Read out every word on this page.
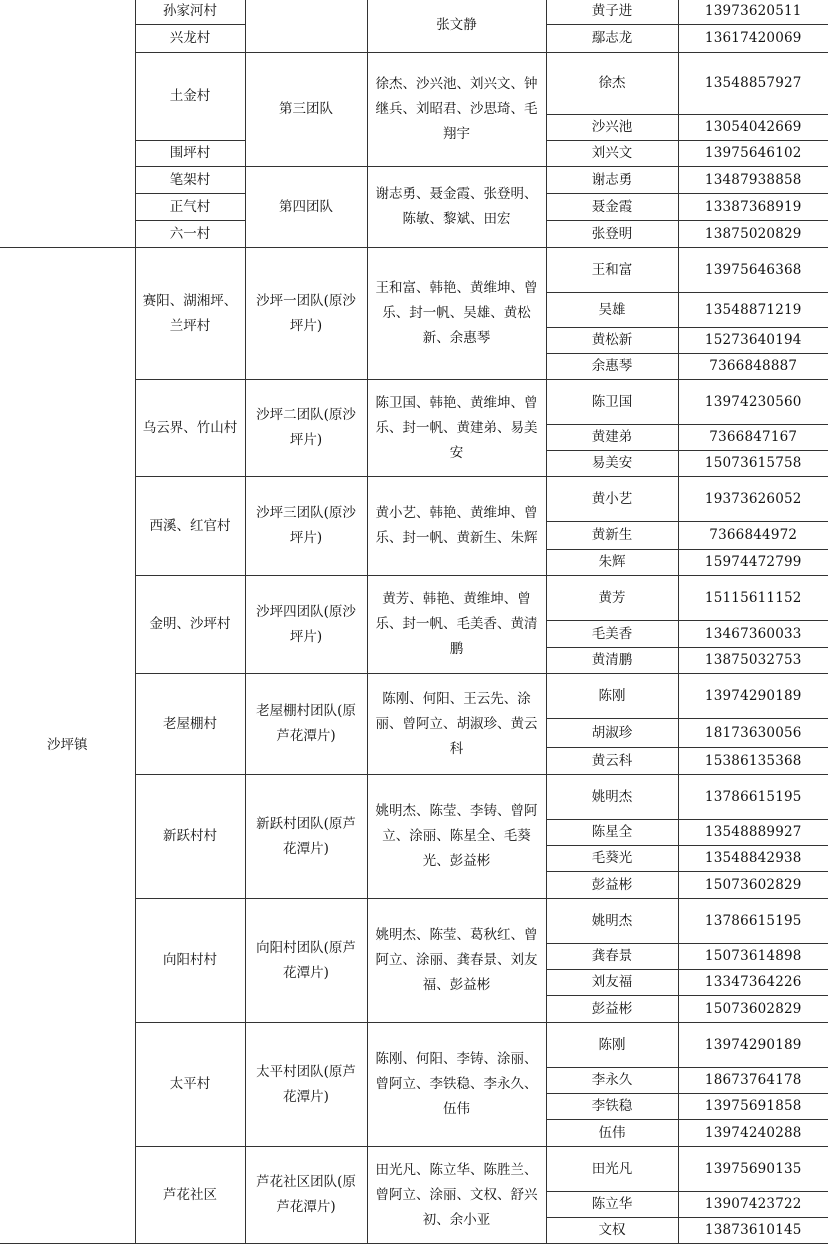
	孙家河村		张文静	黄子进	13973620511
	兴龙村			鄢志龙	13617420069
	土金村	第三团队	徐杰、沙兴池、刘兴文、钟继兵、刘昭君、沙思琦、毛翔宇	徐杰	13548857927
				沙兴池	13054042669
	围坪村			刘兴文	13975646102
	笔架村	第四团队	谢志勇、聂金霞、张登明、陈敏、黎斌、田宏	谢志勇	13487938858
	正气村			聂金霞	13387368919
	六一村			张登明	13875020829
沙坪镇	赛阳、湖湘坪、兰坪村	沙坪一团队(原沙坪片)	王和富、韩艳、黄维坤、曾乐、封一帆、吴雄、黄松新、余惠琴	王和富	13975646368
				吴雄	13548871219
				黄松新	15273640194
				余惠琴	7366848887
	乌云界、竹山村	沙坪二团队(原沙坪片)	陈卫国、韩艳、黄维坤、曾乐、封一帆、黄建弟、易美安	陈卫国	13974230560
				黄建弟	7366847167
				易美安	15073615758
	西溪、红官村	沙坪三团队(原沙坪片)	黄小艺、韩艳、黄维坤、曾乐、封一帆、黄新生、朱辉	黄小艺	19373626052
				黄新生	7366844972
				朱辉	15974472799
	金明、沙坪村	沙坪四团队(原沙坪片)	黄芳、韩艳、黄维坤、曾乐、封一帆、毛美香、黄清鹏	黄芳	15115611152
				毛美香	13467360033
				黄清鹏	13875032753
	老屋棚村	老屋棚村团队(原芦花潭片)	陈刚、何阳、王云先、涂丽、曾阿立、胡淑珍、黄云科	陈刚	13974290189
				胡淑珍	18173630056
				黄云科	15386135368
	新跃村村	新跃村团队(原芦花潭片)	姚明杰、陈莹、李铸、曾阿立、涂丽、陈星全、毛葵光、彭益彬	姚明杰	13786615195
				陈星全	13548889927
				毛葵光	13548842938
				彭益彬	15073602829
	向阳村村	向阳村团队(原芦花潭片)	姚明杰、陈莹、葛秋红、曾阿立、涂丽、龚春景、刘友福、彭益彬	姚明杰	13786615195
				龚春景	15073614898
				刘友福	13347364226
				彭益彬	15073602829
	太平村	太平村团队(原芦花潭片)	陈刚、何阳、李铸、涂丽、曾阿立、李铁稳、李永久、伍伟	陈刚	13974290189
				李永久	18673764178
				李铁稳	13975691858
				伍伟	13974240288
	芦花社区	芦花社区团队(原芦花潭片)	田光凡、陈立华、陈胜兰、曾阿立、涂丽、文权、舒兴初、余小亚	田光凡	13975690135
				陈立华	13907423722
				文权	13873610145
